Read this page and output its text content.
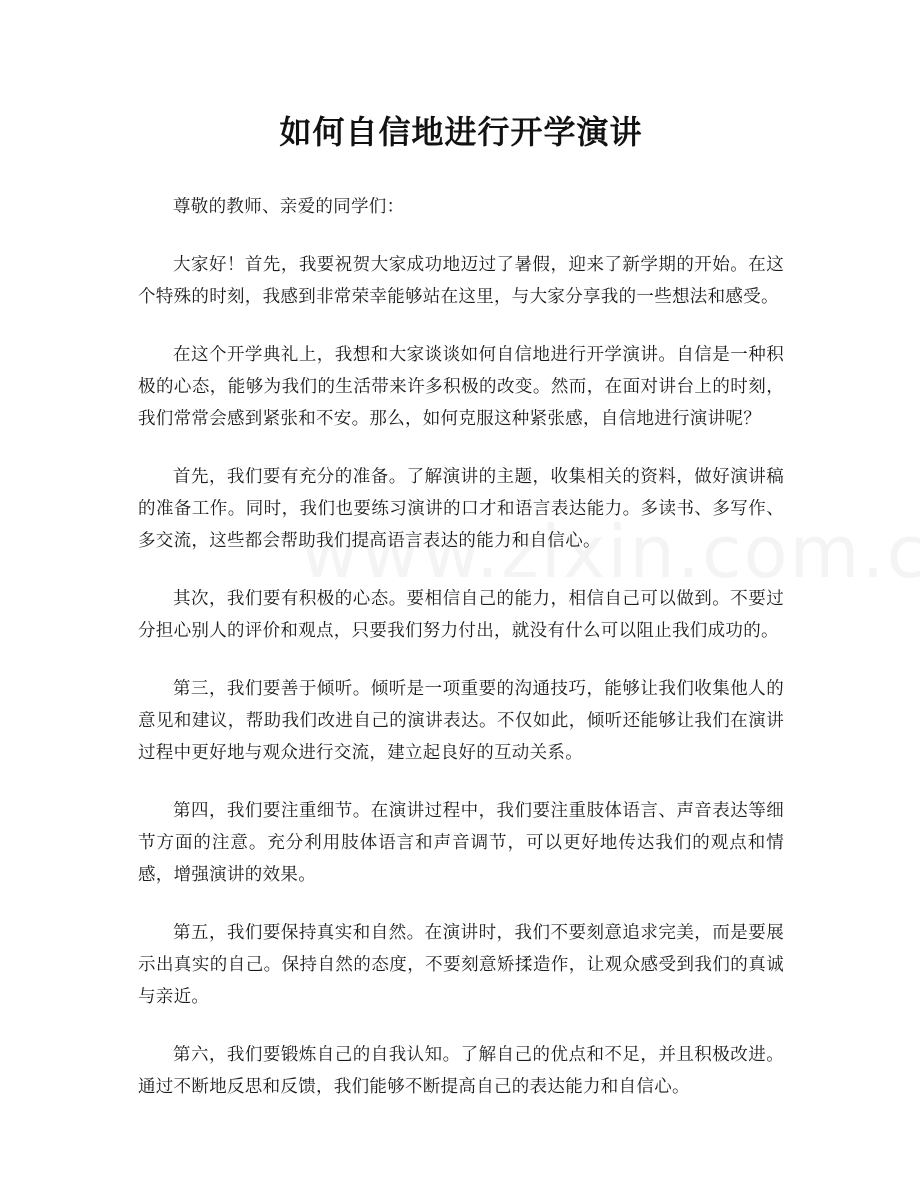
如何自信地进行开学演讲

尊敬的教师、亲爱的同学们：

大家好！首先，我要祝贺大家成功地迈过了暑假，迎来了新学期的开始。在这个特殊的时刻，我感到非常荣幸能够站在这里，与大家分享我的一些想法和感受。

在这个开学典礼上，我想和大家谈谈如何自信地进行开学演讲。自信是一种积极的心态，能够为我们的生活带来许多积极的改变。然而，在面对讲台上的时刻，我们常常会感到紧张和不安。那么，如何克服这种紧张感，自信地进行演讲呢？

首先，我们要有充分的准备。了解演讲的主题，收集相关的资料，做好演讲稿的准备工作。同时，我们也要练习演讲的口才和语言表达能力。多读书、多写作、多交流，这些都会帮助我们提高语言表达的能力和自信心。

其次，我们要有积极的心态。要相信自己的能力，相信自己可以做到。不要过分担心别人的评价和观点，只要我们努力付出，就没有什么可以阻止我们成功的。

第三，我们要善于倾听。倾听是一项重要的沟通技巧，能够让我们收集他人的意见和建议，帮助我们改进自己的演讲表达。不仅如此，倾听还能够让我们在演讲过程中更好地与观众进行交流，建立起良好的互动关系。

第四，我们要注重细节。在演讲过程中，我们要注重肢体语言、声音表达等细节方面的注意。充分利用肢体语言和声音调节，可以更好地传达我们的观点和情感，增强演讲的效果。

第五，我们要保持真实和自然。在演讲时，我们不要刻意追求完美，而是要展示出真实的自己。保持自然的态度，不要刻意矫揉造作，让观众感受到我们的真诚与亲近。

第六，我们要锻炼自己的自我认知。了解自己的优点和不足，并且积极改进。通过不断地反思和反馈，我们能够不断提高自己的表达能力和自信心。
